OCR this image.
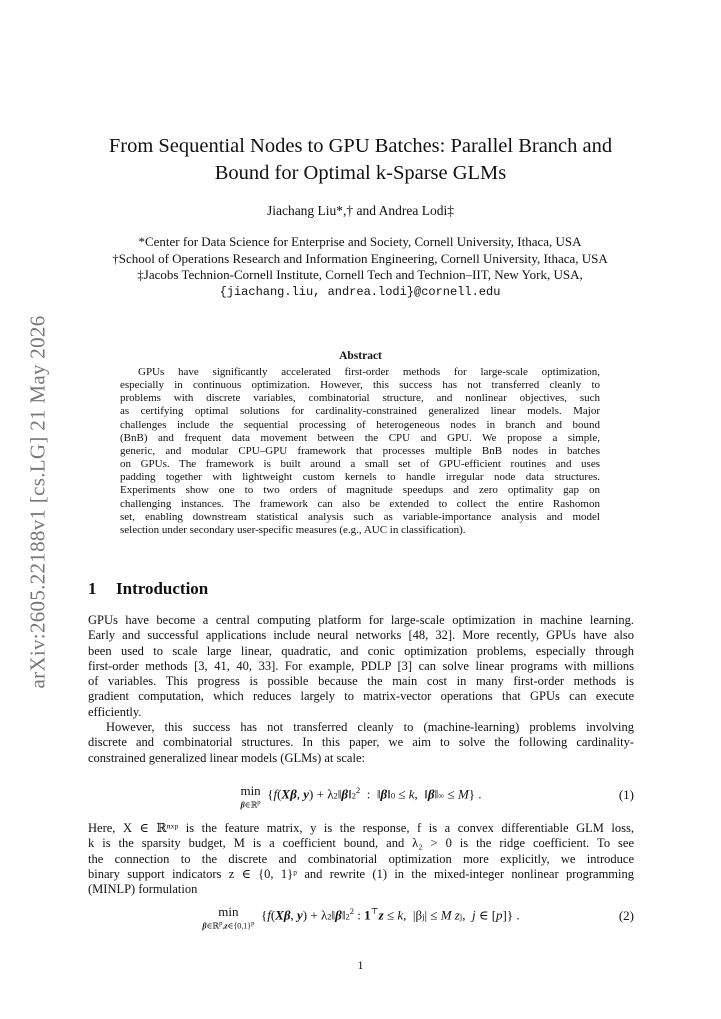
arXiv:2605.22188v1 [cs.LG] 21 May 2026
From Sequential Nodes to GPU Batches: Parallel Branch and
Bound for Optimal k-Sparse GLMs
Jiachang Liu*,† and Andrea Lodi‡
*Center for Data Science for Enterprise and Society, Cornell University, Ithaca, USA
†School of Operations Research and Information Engineering, Cornell University, Ithaca, USA
‡Jacobs Technion-Cornell Institute, Cornell Tech and Technion–IIT, New York, USA,
{jiachang.liu, andrea.lodi}@cornell.edu
Abstract
GPUs have significantly accelerated first-order methods for large-scale optimization,
especially in continuous optimization. However, this success has not transferred cleanly to
problems with discrete variables, combinatorial structure, and nonlinear objectives, such
as certifying optimal solutions for cardinality-constrained generalized linear models. Major
challenges include the sequential processing of heterogeneous nodes in branch and bound
(BnB) and frequent data movement between the CPU and GPU. We propose a simple,
generic, and modular CPU–GPU framework that processes multiple BnB nodes in batches
on GPUs. The framework is built around a small set of GPU-efficient routines and uses
padding together with lightweight custom kernels to handle irregular node data structures.
Experiments show one to two orders of magnitude speedups and zero optimality gap on
challenging instances. The framework can also be extended to collect the entire Rashomon
set, enabling downstream statistical analysis such as variable-importance analysis and model
selection under secondary user-specific measures (e.g., AUC in classification).
1 Introduction
GPUs have become a central computing platform for large-scale optimization in machine learning.
Early and successful applications include neural networks [48, 32]. More recently, GPUs have also
been used to scale large linear, quadratic, and conic optimization problems, especially through
first-order methods [3, 41, 40, 33]. For example, PDLP [3] can solve linear programs with millions
of variables. This progress is possible because the main cost in many first-order methods is
gradient computation, which reduces largely to matrix-vector operations that GPUs can execute
efficiently.
However, this success has not transferred cleanly to (machine-learning) problems involving
discrete and combinatorial structures. In this paper, we aim to solve the following cardinality-
constrained generalized linear models (GLMs) at scale:
min
β∈ℝ$^p$
{f(Xβ, $y) + \lambda 2‖\beta‖2^2$  :  ‖β‖0 ≤ k,  ‖β‖∞ ≤ M} .	(1)
Here, X ∈ ℝⁿˣᵖ is the feature matrix, y is the response, f is a convex differentiable GLM loss,
k is the sparsity budget, M is a coefficient bound, and λ₂ > 0 is the ridge coefficient. To see
the connection to the discrete and combinatorial optimization more explicitly, we introduce
binary support indicators z ∈ {0, 1}ᵖ and rewrite (1) in the mixed-integer nonlinear programming
(MINLP) formulation
min
$\beta\in ℝ^p,z\in\{0,1\}^p$
{f(Xβ, $y) + \lambda 2‖\beta‖2^2$ : 1⊤z ≤ k,  |βj| ≤ M zj,  j ∈ [p]} .	(2)
1
